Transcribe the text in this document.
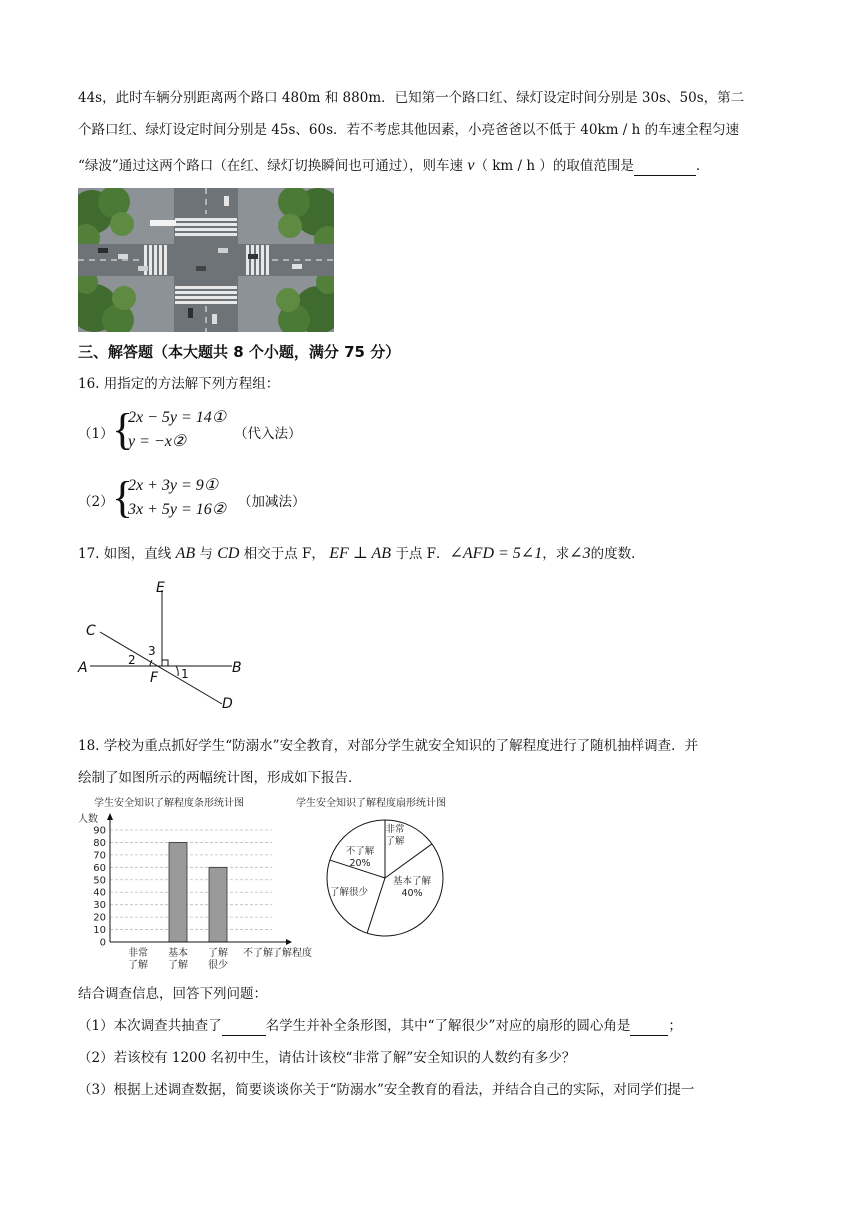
44s，此时车辆分别距离两个路口 480m 和 880m．已知第一个路口红、绿灯设定时间分别是 30s、50s，第二
个路口红、绿灯设定时间分别是 45s、60s．若不考虑其他因素，小亮爸爸以不低于 40km / h 的车速全程匀速
“绿波”通过这两个路口（在红、绿灯切换瞬间也可通过），则车速 v（ km / h ）的取值范围是	．
三、解答题（本大题共 8 个小题，满分 75 分）
16. 用指定的方法解下列方程组：
（1）
{
2x − 5y = 14①
y = −x②	（代入法）
（2）
{
2x + 3y = 9①
3x + 5y = 16② （加减法）
17. 如图，直线 AB 与 CD 相交于点 F， EF ⊥ AB 于点 F．∠AFD = 5∠1，求∠3的度数．
E
C
A	B
F
D
2
3
1
18. 学校为重点抓好学生“防溺水”安全教育，对部分学生就安全知识的了解程度进行了随机抽样调查．并
绘制了如图所示的两幅统计图，形成如下报告．
学生安全知识了解程度条形统计图
人数
0
10
20
30
40
50
60
70
80
90
非常
了解
基本
了解
了解
很少
不了解 了解程度
学生安全知识了解程度扇形统计图
非常
了解
基本了解
40%
了解很少
不了解
20%
结合调查信息，回答下列问题：
（1）本次调查共抽查了	名学生并补全条形图，其中“了解很少”对应的扇形的圆心角是	；
（2）若该校有 1200 名初中生，请估计该校“非常了解”安全知识的人数约有多少？
（3）根据上述调查数据，简要谈谈你关于“防溺水”安全教育的看法，并结合自己的实际，对同学们提一
